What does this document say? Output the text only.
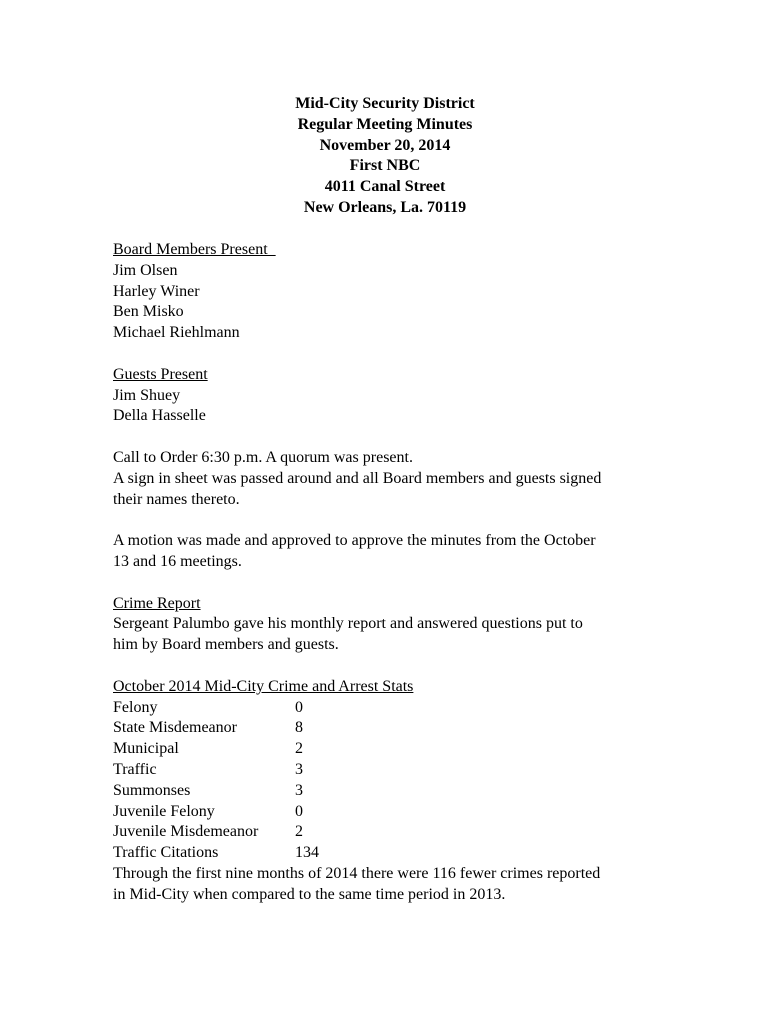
Mid-City Security District
Regular Meeting Minutes
November 20, 2014
First NBC
4011 Canal Street
New Orleans, La. 70119
Board Members Present
Jim Olsen
Harley Winer
Ben Misko
Michael Riehlmann
Guests Present
Jim Shuey
Della Hasselle
Call to Order 6:30 p.m. A quorum was present.
A sign in sheet was passed around and all Board members and guests signed
their names thereto.
A motion was made and approved to approve the minutes from the October
13 and 16 meetings.
Crime Report
Sergeant Palumbo gave his monthly report and answered questions put to
him by Board members and guests.
October 2014 Mid-City Crime and Arrest Stats
Felony	0
State Misdemeanor	8
Municipal	2
Traffic	3
Summonses	3
Juvenile Felony	0
Juvenile Misdemeanor 2
Traffic Citations	134
Through the first nine months of 2014 there were 116 fewer crimes reported
in Mid-City when compared to the same time period in 2013.
